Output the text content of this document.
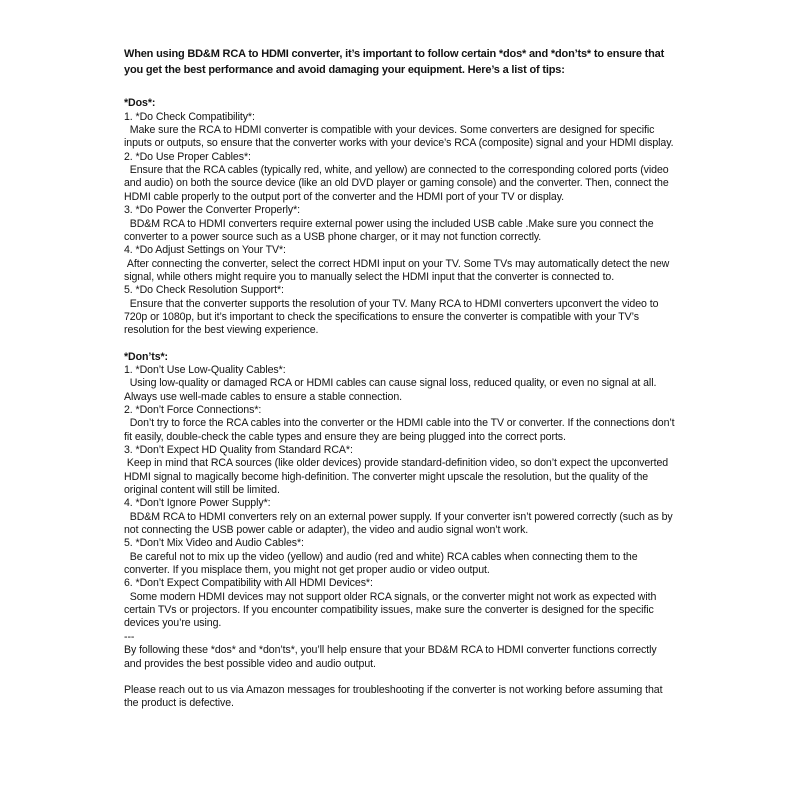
When using BD&M RCA to HDMI converter, it’s important to follow certain *dos* and *don’ts* to ensure that you get the best performance and avoid damaging your equipment. Here’s a list of tips:

*Dos*:

1. *Do Check Compatibility*:

Make sure the RCA to HDMI converter is compatible with your devices. Some converters are designed for specific inputs or outputs, so ensure that the converter works with your device’s RCA (composite) signal and your HDMI display.

2. *Do Use Proper Cables*:

Ensure that the RCA cables (typically red, white, and yellow) are connected to the corresponding colored ports (video and audio) on both the source device (like an old DVD player or gaming console) and the converter. Then, connect the HDMI cable properly to the output port of the converter and the HDMI port of your TV or display.

3. *Do Power the Converter Properly*:

BD&M RCA to HDMI converters require external power using the included USB cable .Make sure you connect the converter to a power source such as a USB phone charger, or it may not function correctly.

4. *Do Adjust Settings on Your TV*:

After connecting the converter, select the correct HDMI input on your TV. Some TVs may automatically detect the new signal, while others might require you to manually select the HDMI input that the converter is connected to.

5. *Do Check Resolution Support*:

Ensure that the converter supports the resolution of your TV. Many RCA to HDMI converters upconvert the video to 720p or 1080p, but it’s important to check the specifications to ensure the converter is compatible with your TV’s resolution for the best viewing experience.

*Don’ts*:

1. *Don’t Use Low-Quality Cables*:

Using low-quality or damaged RCA or HDMI cables can cause signal loss, reduced quality, or even no signal at all. Always use well-made cables to ensure a stable connection.

2. *Don’t Force Connections*:

Don’t try to force the RCA cables into the converter or the HDMI cable into the TV or converter. If the connections don’t fit easily, double-check the cable types and ensure they are being plugged into the correct ports.

3. *Don’t Expect HD Quality from Standard RCA*:

Keep in mind that RCA sources (like older devices) provide standard-definition video, so don’t expect the upconverted HDMI signal to magically become high-definition. The converter might upscale the resolution, but the quality of the original content will still be limited.

4. *Don’t Ignore Power Supply*:

BD&M RCA to HDMI converters rely on an external power supply. If your converter isn’t powered correctly (such as by not connecting the USB power cable or adapter), the video and audio signal won’t work.

5. *Don’t Mix Video and Audio Cables*:

Be careful not to mix up the video (yellow) and audio (red and white) RCA cables when connecting them to the converter. If you misplace them, you might not get proper audio or video output.

6. *Don’t Expect Compatibility with All HDMI Devices*:

Some modern HDMI devices may not support older RCA signals, or the converter might not work as expected with certain TVs or projectors. If you encounter compatibility issues, make sure the converter is designed for the specific devices you’re using.

---

By following these *dos* and *don’ts*, you’ll help ensure that your BD&M RCA to HDMI converter functions correctly and provides the best possible video and audio output.

Please reach out to us via Amazon messages for troubleshooting if the converter is not working before assuming that the product is defective.
